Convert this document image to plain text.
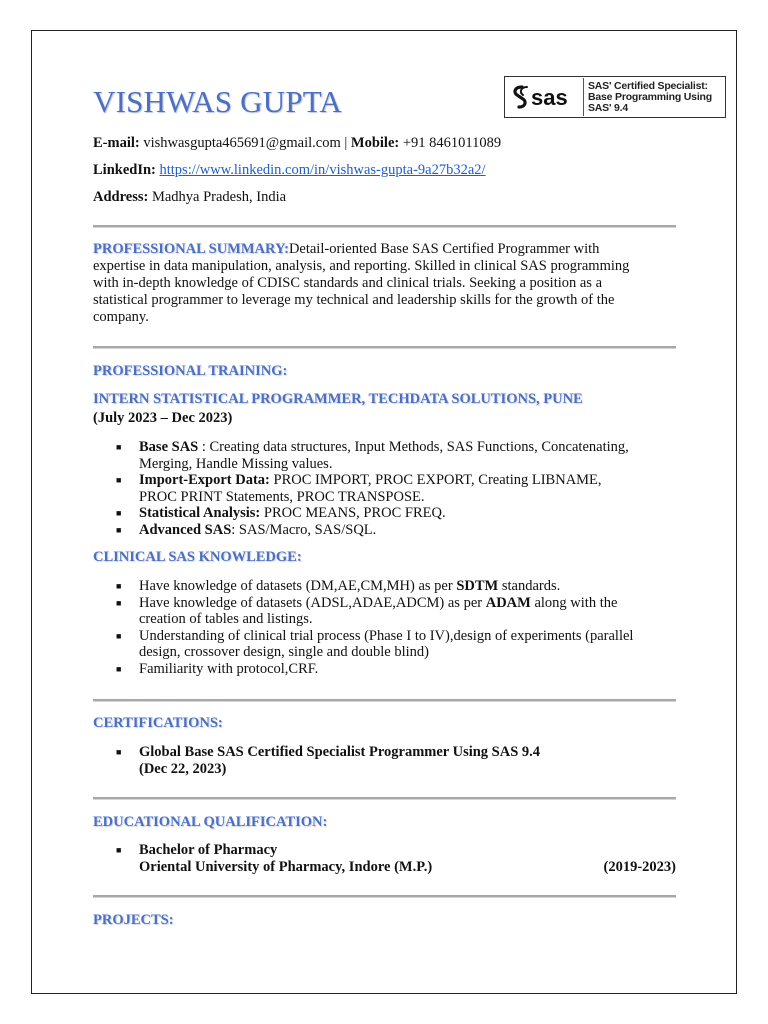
VISHWAS GUPTA	sas SAS' Certified Specialist:
Base Programming Using
SAS' 9.4
E-mail: vishwasgupta465691@gmail.com | Mobile: +91 8461011089
LinkedIn: https://www.linkedin.com/in/vishwas-gupta-9a27b32a2/
Address: Madhya Pradesh, India
PROFESSIONAL SUMMARY:Detail-oriented Base SAS Certified Programmer with
expertise in data manipulation, analysis, and reporting. Skilled in clinical SAS programming
with in-depth knowledge of CDISC standards and clinical trials. Seeking a position as a
statistical programmer to leverage my technical and leadership skills for the growth of the
company.
PROFESSIONAL TRAINING:
INTERN STATISTICAL PROGRAMMER, TECHDATA SOLUTIONS, PUNE
(July 2023 – Dec 2023)
■ Base SAS : Creating data structures, Input Methods, SAS Functions, Concatenating,
Merging, Handle Missing values.
■ Import-Export Data: PROC IMPORT, PROC EXPORT, Creating LIBNAME,
PROC PRINT Statements, PROC TRANSPOSE.
■ Statistical Analysis: PROC MEANS, PROC FREQ.
■ Advanced SAS: SAS/Macro, SAS/SQL.
CLINICAL SAS KNOWLEDGE:
■ Have knowledge of datasets (DM,AE,CM,MH) as per SDTM standards.
■ Have knowledge of datasets (ADSL,ADAE,ADCM) as per ADAM along with the
creation of tables and listings.
■ Understanding of clinical trial process (Phase I to IV),design of experiments (parallel
design, crossover design, single and double blind)
■ Familiarity with protocol,CRF.
CERTIFICATIONS:
■ Global Base SAS Certified Specialist Programmer Using SAS 9.4
(Dec 22, 2023)
EDUCATIONAL QUALIFICATION:
■ Bachelor of Pharmacy
Oriental University of Pharmacy, Indore (M.P.)	(2019-2023)
PROJECTS:
